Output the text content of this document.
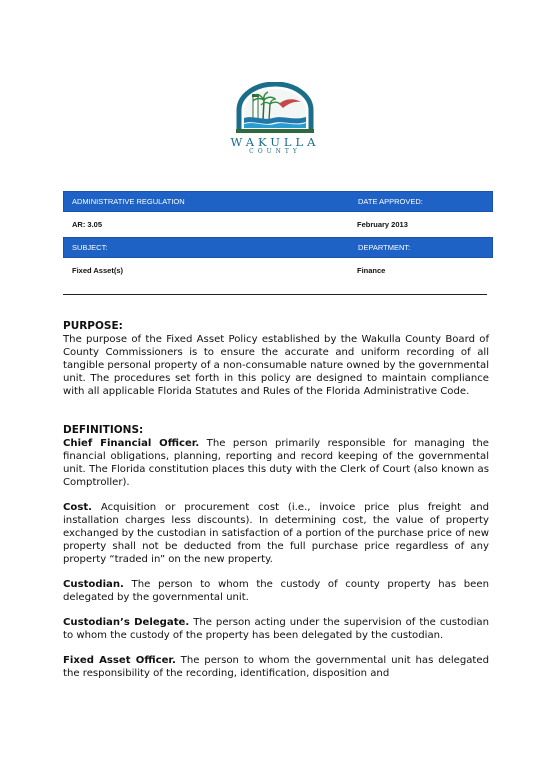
WAKULLA
COUNTY
ADMINISTRATIVE REGULATION	DATE APPROVED:
AR: 3.05	February 2013
SUBJECT:	DEPARTMENT:
Fixed Asset(s)	Finance

PURPOSE:

The purpose of the Fixed Asset Policy established by the Wakulla County Board of County Commissioners is to ensure the accurate and uniform recording of all tangible personal property of a non-consumable nature owned by the governmental unit. The procedures set forth in this policy are designed to maintain compliance with all applicable Florida Statutes and Rules of the Florida Administrative Code.

DEFINITIONS:

Chief Financial Officer. The person primarily responsible for managing the financial obligations, planning, reporting and record keeping of the governmental unit. The Florida constitution places this duty with the Clerk of Court (also known as Comptroller).

Cost. Acquisition or procurement cost (i.e., invoice price plus freight and installation charges less discounts). In determining cost, the value of property exchanged by the custodian in satisfaction of a portion of the purchase price of new property shall not be deducted from the full purchase price regardless of any property “traded in” on the new property.

Custodian. The person to whom the custody of county property has been delegated by the governmental unit.

Custodian’s Delegate. The person acting under the supervision of the custodian to whom the custody of the property has been delegated by the custodian.

Fixed Asset Officer. The person to whom the governmental unit has delegated the responsibility of the recording, identification, disposition and
